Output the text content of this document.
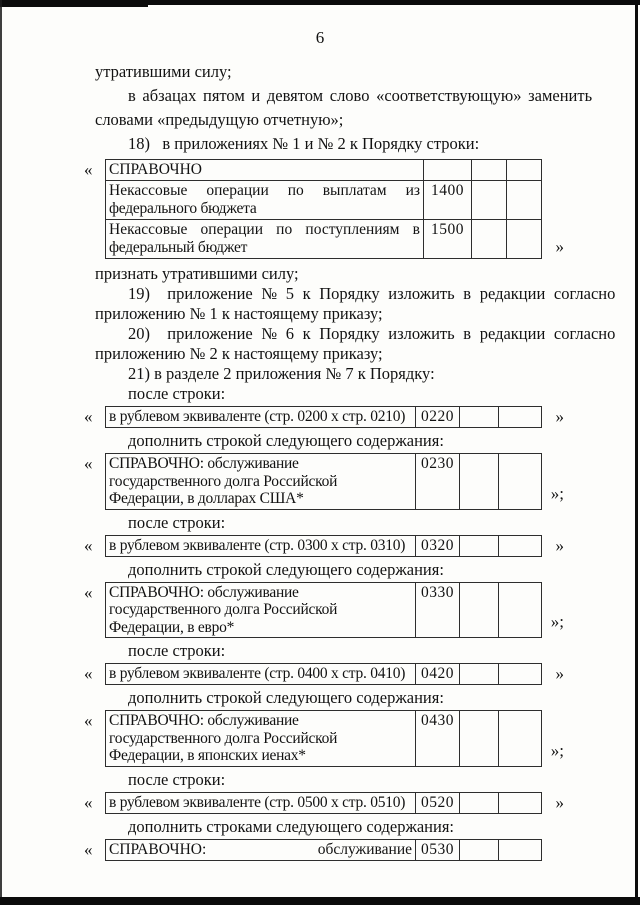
6
утратившими силу;
в абзацах пятом и девятом слово «соответствующую» заменить
словами «предыдущую отчетную»;
18)   в приложениях № 1 и № 2 к Порядку строки:
«
»
СПРАВОЧНО			

Некассовые операции по выплатам из
федерального бюджета	1400		

Некассовые операции по поступлениям в
федеральный бюджет	1500		
признать утратившими силу;
19)  приложение № 5 к Порядку изложить в редакции согласно
приложению № 1 к настоящему приказу;
20)  приложение № 6 к Порядку изложить в редакции согласно
приложению № 2 к настоящему приказу;
21) в разделе 2 приложения № 7 к Порядку:
после строки:
«	»
в рублевом эквиваленте (стр. 0200 х стр. 0210)	0220		
дополнить строкой следующего содержания:
«
»;
СПРАВОЧНО: обслуживание
государственного долга Российской
Федерации, в долларах США*
	0230		
после строки:
«	»
в рублевом эквиваленте (стр. 0300 х стр. 0310)	0320		
дополнить строкой следующего содержания:
«
»;
СПРАВОЧНО: обслуживание
государственного долга Российской
Федерации, в евро*
	0330		
после строки:
«	»
в рублевом эквиваленте (стр. 0400 х стр. 0410)	0420		
дополнить строкой следующего содержания:
«
»;
СПРАВОЧНО: обслуживание
государственного долга Российской
Федерации, в японских иенах*
	0430		
после строки:
«	»
в рублевом эквиваленте (стр. 0500 х стр. 0510)	0520		
дополнить строками следующего содержания:
« СПРАВОЧНО:	обслуживание	0530		
